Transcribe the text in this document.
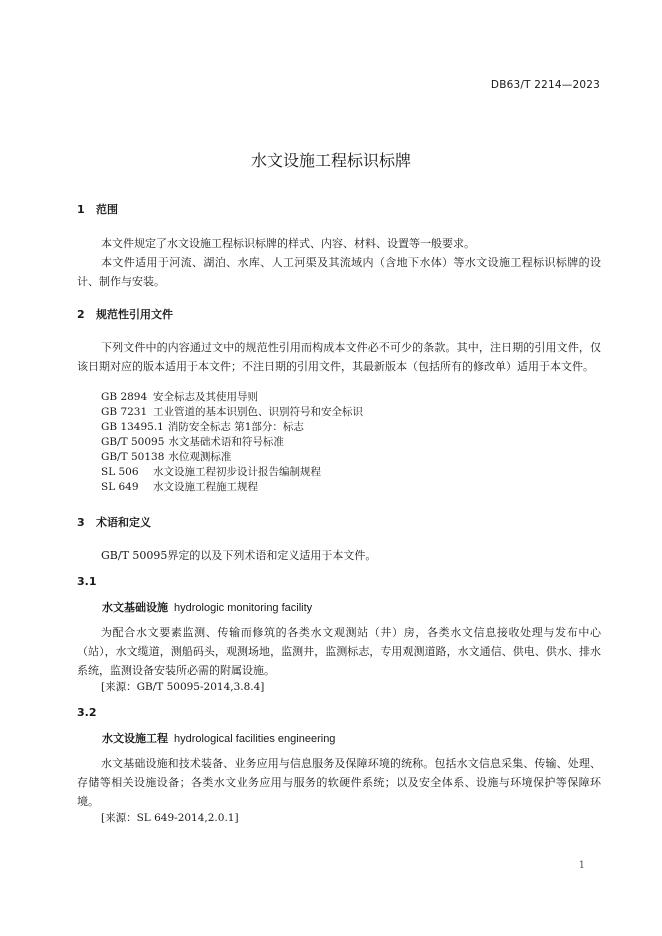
DB63/T 2214—2023
水文设施工程标识标牌
1 范围
本文件规定了水文设施工程标识标牌的样式、内容、材料、设置等一般要求。
本文件适用于河流、湖泊、水库、人工河渠及其流域内（含地下水体）等水文设施工程标识标牌的设计、制作与安装。
2 规范性引用文件
下列文件中的内容通过文中的规范性引用而构成本文件必不可少的条款。其中，注日期的引用文件，仅该日期对应的版本适用于本文件；不注日期的引用文件，其最新版本（包括所有的修改单）适用于本文件。
GB 2894 安全标志及其使用导则
GB 7231 工业管道的基本识别色、识别符号和安全标识
GB 13495.1 消防安全标志 第1部分：标志
GB/T 50095 水文基础术语和符号标准
GB/T 50138 水位观测标准
SL 506 水文设施工程初步设计报告编制规程
SL 649 水文设施工程施工规程
3 术语和定义
GB/T 50095界定的以及下列术语和定义适用于本文件。
3.1
水文基础设施 hydrologic monitoring facility
为配合水文要素监测、传输而修筑的各类水文观测站（井）房，各类水文信息接收处理与发布中心（站），水文缆道，测船码头，观测场地，监测井，监测标志，专用观测道路，水文通信、供电、供水、排水系统，监测设备安装所必需的附属设施。
[来源：GB/T 50095-2014,3.8.4]
3.2
水文设施工程 hydrological facilities engineering
水文基础设施和技术装备、业务应用与信息服务及保障环境的统称。包括水文信息采集、传输、处理、存储等相关设施设备；各类水文业务应用与服务的软硬件系统；以及安全体系、设施与环境保护等保障环境。
[来源：SL 649-2014,2.0.1]
1
